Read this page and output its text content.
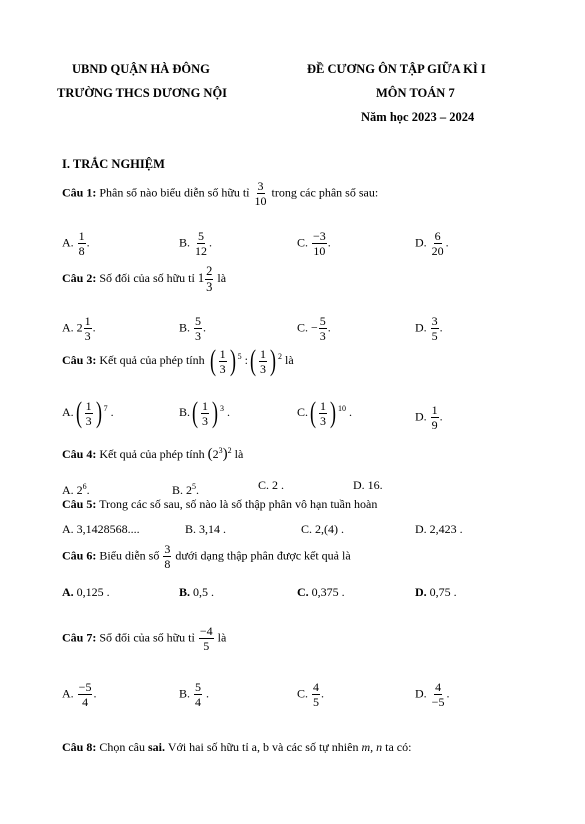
UBND QUẬN HÀ ĐÔNG
TRƯỜNG THCS DƯƠNG NỘI
ĐỀ CƯƠNG ÔN TẬP GIỮA KÌ I
MÔN TOÁN 7
Năm học 2023 – 2024
I. TRẮC NGHIỆM
Câu 1: Phân số nào biểu diễn số hữu tỉ $\frac{3}{10}$ trong các phân số sau:
A. $\frac{1}{8}$ .	B. $\frac{5}{12}$ .	C. $\frac{-3}{10}$ .	D. $\frac{6}{20}$ .
Câu 2: Số đối của số hữu tỉ $1 \frac{2}{3}$ là
A. $2 \frac{1}{3}$ .	B. $\frac{5}{3}$ .	C. − $\frac{5}{3}$ .	D. $\frac{3}{5}$ .
Câu 3: Kết quả của phép tính ( $\frac{1}{3}$ ) $^5$ :( $\frac{1}{3}$ ) $^2$ là
$A.( \frac{1}{3}$ ) $^7$ .	$B.( \frac{1}{3}$ ) $^3$ .	$C.( \frac{1}{3}$ ) $^{10}$ .	D. $\frac{1}{9}$ .
Câu 4: Kết quả của phép tính $(2^3)^2$ là
A. $2^6$.	B. $2^5$.	C. 2 .	D. 16.
Câu 5: Trong các số sau, số nào là số thập phân vô hạn tuần hoàn
A. 3,1428568....	B. 3,14 .	C. 2,(4) .	D. 2,423 .
Câu 6: Biểu diễn số $\frac{3}{8}$ dưới dạng thập phân được kết quả là
A. 0,125 .	B. 0,5 .	C. 0,375 .	D. 0,75 .
Câu 7: Số đối của số hữu tỉ $\frac{-4}{5}$ là
A. $\frac{-5}{4}$ .	B. $\frac{5}{4}$ .	C. $\frac{4}{5}$ .	D. $\frac{4}{-5}$ .
Câu 8: Chọn câu sai. Với hai số hữu tỉ a, b và các số tự nhiên m, n ta có:
